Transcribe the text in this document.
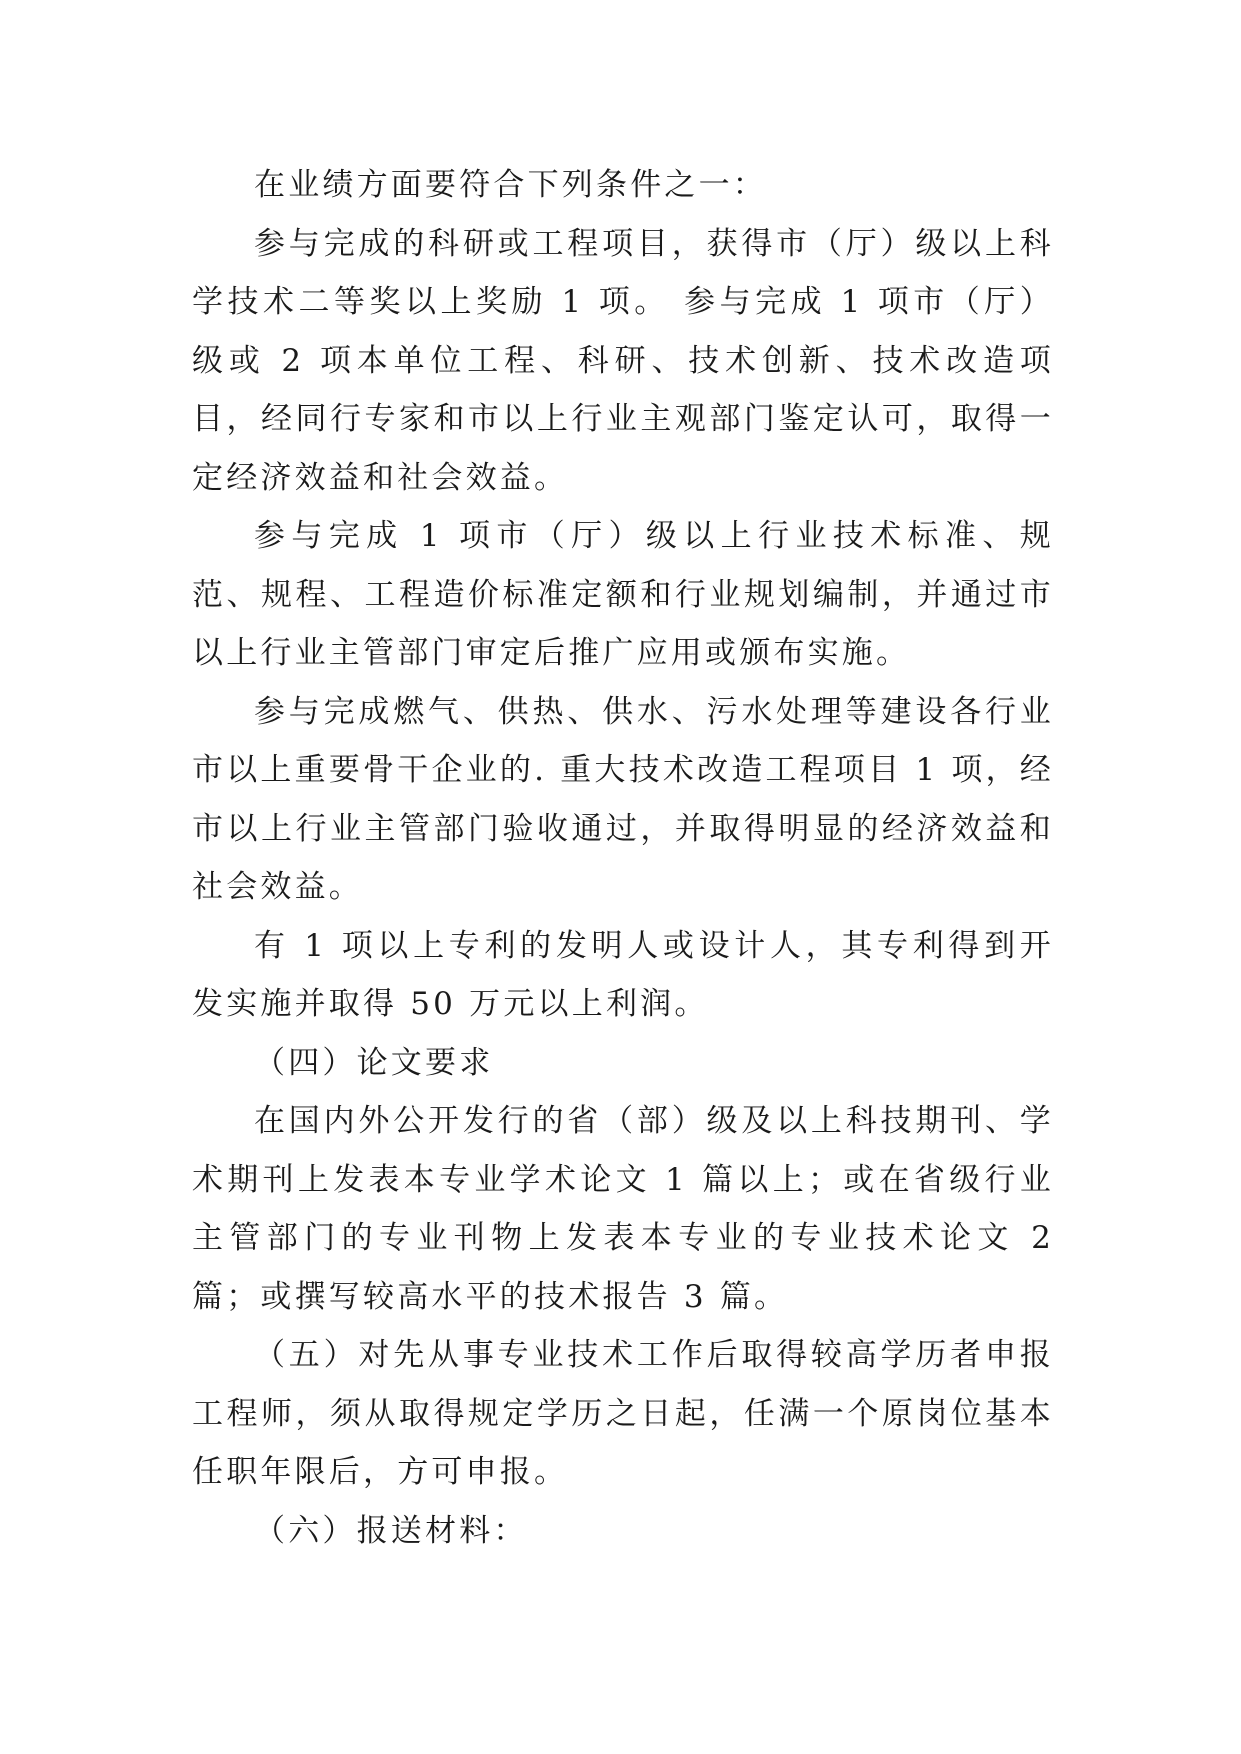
在业绩方面要符合下列条件之一：

参与完成的科研或工程项目，获得市（厅）级以上科学技术二等奖以上奖励 1 项。 参与完成 1 项市（厅）级或 2 项本单位工程、科研、技术创新、技术改造项目，经同行专家和市以上行业主观部门鉴定认可，取得一定经济效益和社会效益。

参与完成 1 项市（厅）级以上行业技术标准、规范、规程、工程造价标准定额和行业规划编制，并通过市以上行业主管部门审定后推广应用或颁布实施。

参与完成燃气、供热、供水、污水处理等建设各行业市以上重要骨干企业的. 重大技术改造工程项目 1 项，经市以上行业主管部门验收通过，并取得明显的经济效益和社会效益。

有 1 项以上专利的发明人或设计人，其专利得到开发实施并取得 50 万元以上利润。

（四）论文要求

在国内外公开发行的省（部）级及以上科技期刊、学术期刊上发表本专业学术论文 1 篇以上；或在省级行业主管部门的专业刊物上发表本专业的专业技术论文 2 篇；或撰写较高水平的技术报告 3 篇。

（五）对先从事专业技术工作后取得较高学历者申报工程师，须从取得规定学历之日起，任满一个原岗位基本任职年限后，方可申报。

（六）报送材料：
